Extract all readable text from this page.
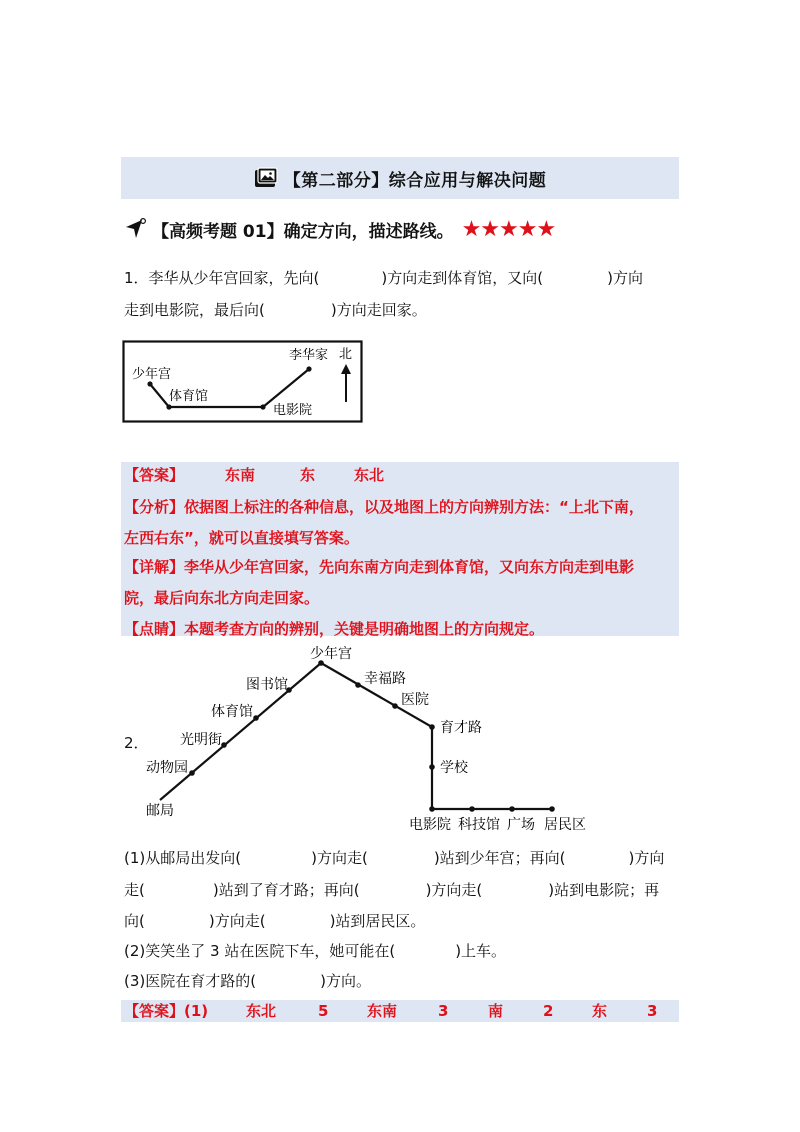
【第二部分】综合应用与解决问题
【高频考题 01】确定方向，描述路线。 ★★★★★
1．李华从少年宫回家，先向(	)方向走到体育馆，又向(	)方向
走到电影院，最后向(	)方向走回家。
少年宫
体育馆
电影院
李华家 北
【答案】	东南	东	东北
【分析】依据图上标注的各种信息，以及地图上的方向辨别方法：“上北下南，
左西右东”，就可以直接填写答案。
【详解】李华从少年宫回家，先向东南方向走到体育馆，又向东方向走到电影
院，最后向东北方向走回家。
【点睛】本题考查方向的辨别，关键是明确地图上的方向规定。
2．
少年宫
幸福路
医院
育才路
学校
图书馆
体育馆
光明街
动物园
邮局
电影院 科技馆 广场 居民区
(1)从邮局出发向(	)方向走(	)站到少年宫；再向(	)方向
走(	)站到了育才路；再向(	)方向走(	)站到电影院；再
向(	)方向走(	)站到居民区。
(2)笑笑坐了 3 站在医院下车，她可能在(	)上车。
(3)医院在育才路的(	)方向。
【答案】(1)	东北	5	东南	3	南	2	东	3
